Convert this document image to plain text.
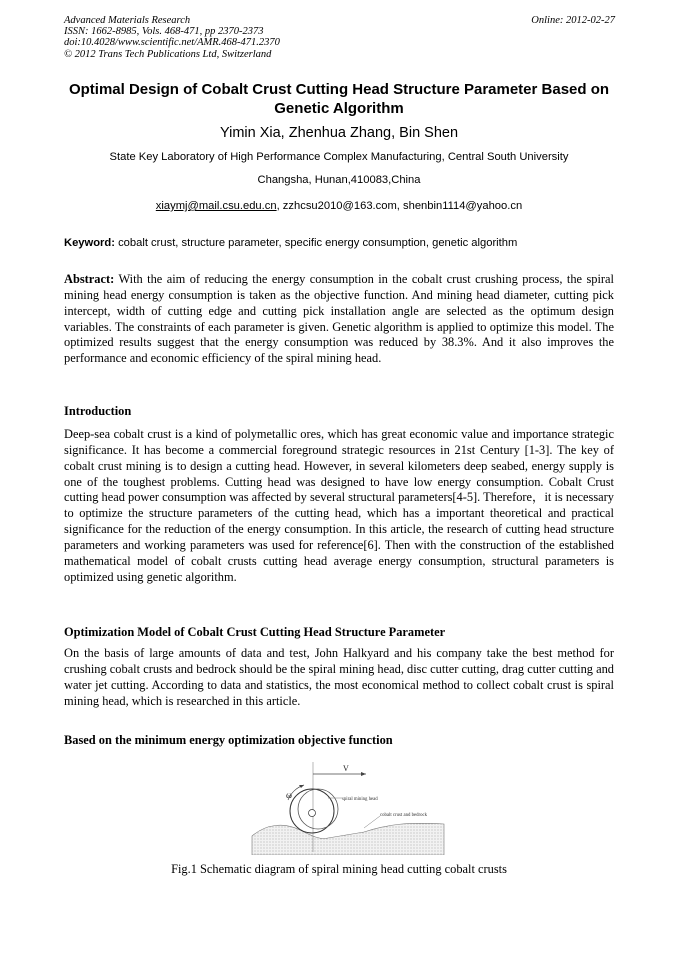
Advanced Materials Research
ISSN: 1662-8985, Vols. 468-471, pp 2370-2373
doi:10.4028/www.scientific.net/AMR.468-471.2370
© 2012 Trans Tech Publications Ltd, Switzerland
Online: 2012-02-27
Optimal Design of Cobalt Crust Cutting Head Structure Parameter Based on Genetic Algorithm
Yimin Xia, Zhenhua Zhang, Bin Shen
State Key Laboratory of High Performance Complex Manufacturing, Central South University
Changsha, Hunan,410083,China
xiaymj@mail.csu.edu.cn, zzhcsu2010@163.com, shenbin1114@yahoo.cn
Keyword: cobalt crust, structure parameter, specific energy consumption, genetic algorithm
Abstract: With the aim of reducing the energy consumption in the cobalt crust crushing process, the spiral mining head energy consumption is taken as the objective function. And mining head diameter, cutting pick intercept, width of cutting edge and cutting pick installation angle are selected as the optimum design variables. The constraints of each parameter is given. Genetic algorithm is applied to optimize this model. The optimized results suggest that the energy consumption was reduced by 38.3%. And it also improves the performance and economic efficiency of the spiral mining head.
Introduction
Deep-sea cobalt crust is a kind of polymetallic ores, which has great economic value and importance strategic significance. It has become a commercial foreground strategic resources in 21st Century [1-3]. The key of cobalt crust mining is to design a cutting head. However, in several kilometers deep seabed, energy supply is one of the toughest problems. Cutting head was designed to have low energy consumption. Cobalt Crust cutting head power consumption was affected by several structural parameters[4-5]. Therefore，it is necessary to optimize the structure parameters of the cutting head, which has a important theoretical and practical significance for the reduction of the energy consumption. In this article, the research of cutting head structure parameters and working parameters was used for reference[6]. Then with the construction of the established mathematical model of cobalt crusts cutting head average energy consumption, structural parameters is optimized using genetic algorithm.
Optimization Model of Cobalt Crust Cutting Head Structure Parameter
On the basis of large amounts of data and test, John Halkyard and his company take the best method for crushing cobalt crusts and bedrock should be the spiral mining head, disc cutter cutting, drag cutter cutting and water jet cutting. According to data and statistics, the most economical method to collect cobalt crust is spiral mining head, which is researched in this article.
Based on the minimum energy optimization objective function
V
ω	spiral mining head
cobalt crust and bedrock
Fig.1 Schematic diagram of spiral mining head cutting cobalt crusts
